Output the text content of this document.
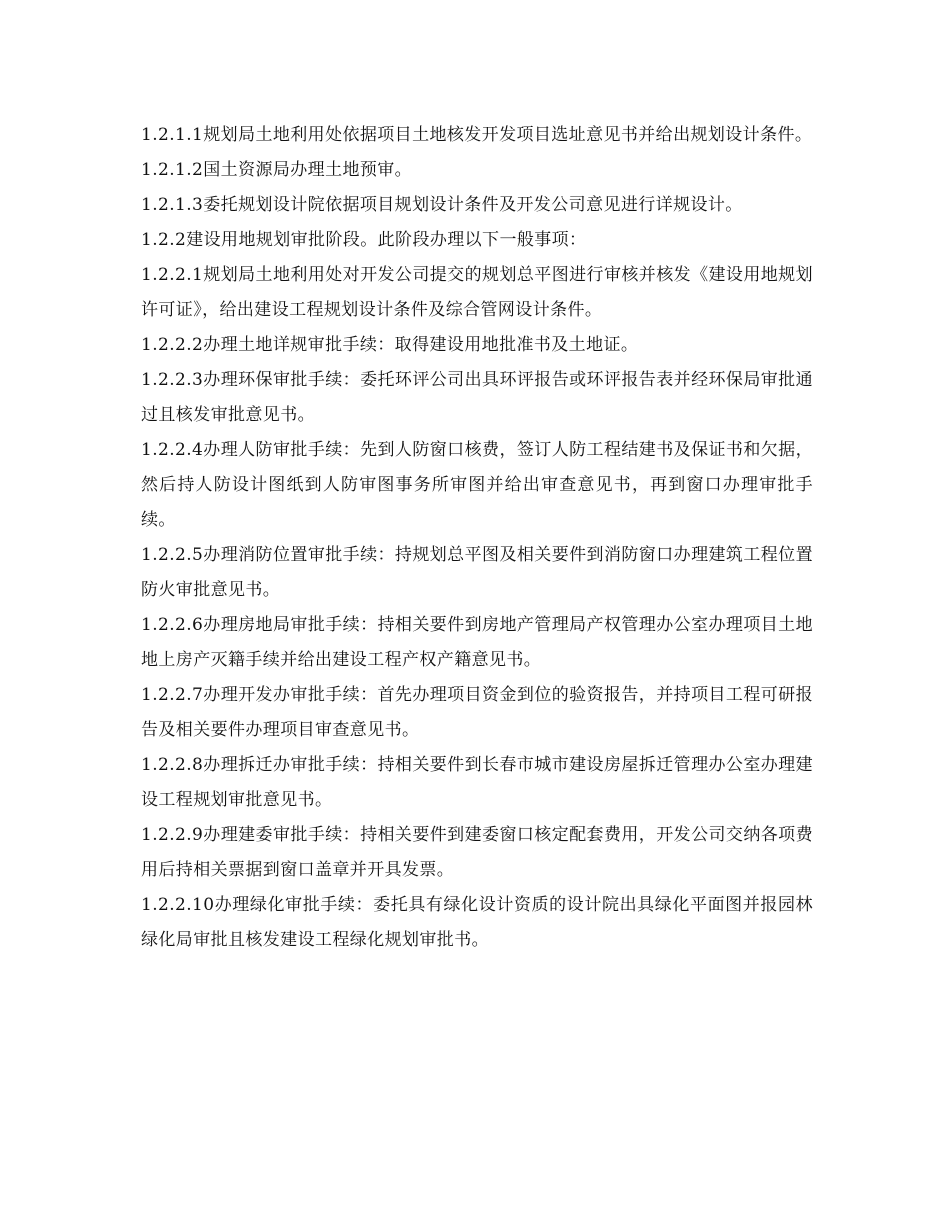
1.2.1.1规划局土地利用处依据项目土地核发开发项目选址意见书并给出规划设计条件。

1.2.1.2国土资源局办理土地预审。

1.2.1.3委托规划设计院依据项目规划设计条件及开发公司意见进行详规设计。

1.2.2建设用地规划审批阶段。此阶段办理以下一般事项：

1.2.2.1规划局土地利用处对开发公司提交的规划总平图进行审核并核发《建设用地规划许可证》，给出建设工程规划设计条件及综合管网设计条件。

1.2.2.2办理土地详规审批手续：取得建设用地批准书及土地证。

1.2.2.3办理环保审批手续：委托环评公司出具环评报告或环评报告表并经环保局审批通过且核发审批意见书。

1.2.2.4办理人防审批手续：先到人防窗口核费，签订人防工程结建书及保证书和欠据，然后持人防设计图纸到人防审图事务所审图并给出审查意见书，再到窗口办理审批手续。

1.2.2.5办理消防位置审批手续：持规划总平图及相关要件到消防窗口办理建筑工程位置防火审批意见书。

1.2.2.6办理房地局审批手续：持相关要件到房地产管理局产权管理办公室办理项目土地地上房产灭籍手续并给出建设工程产权产籍意见书。

1.2.2.7办理开发办审批手续：首先办理项目资金到位的验资报告，并持项目工程可研报告及相关要件办理项目审查意见书。

1.2.2.8办理拆迁办审批手续：持相关要件到长春市城市建设房屋拆迁管理办公室办理建设工程规划审批意见书。

1.2.2.9办理建委审批手续：持相关要件到建委窗口核定配套费用，开发公司交纳各项费用后持相关票据到窗口盖章并开具发票。

1.2.2.10办理绿化审批手续：委托具有绿化设计资质的设计院出具绿化平面图并报园林绿化局审批且核发建设工程绿化规划审批书。
